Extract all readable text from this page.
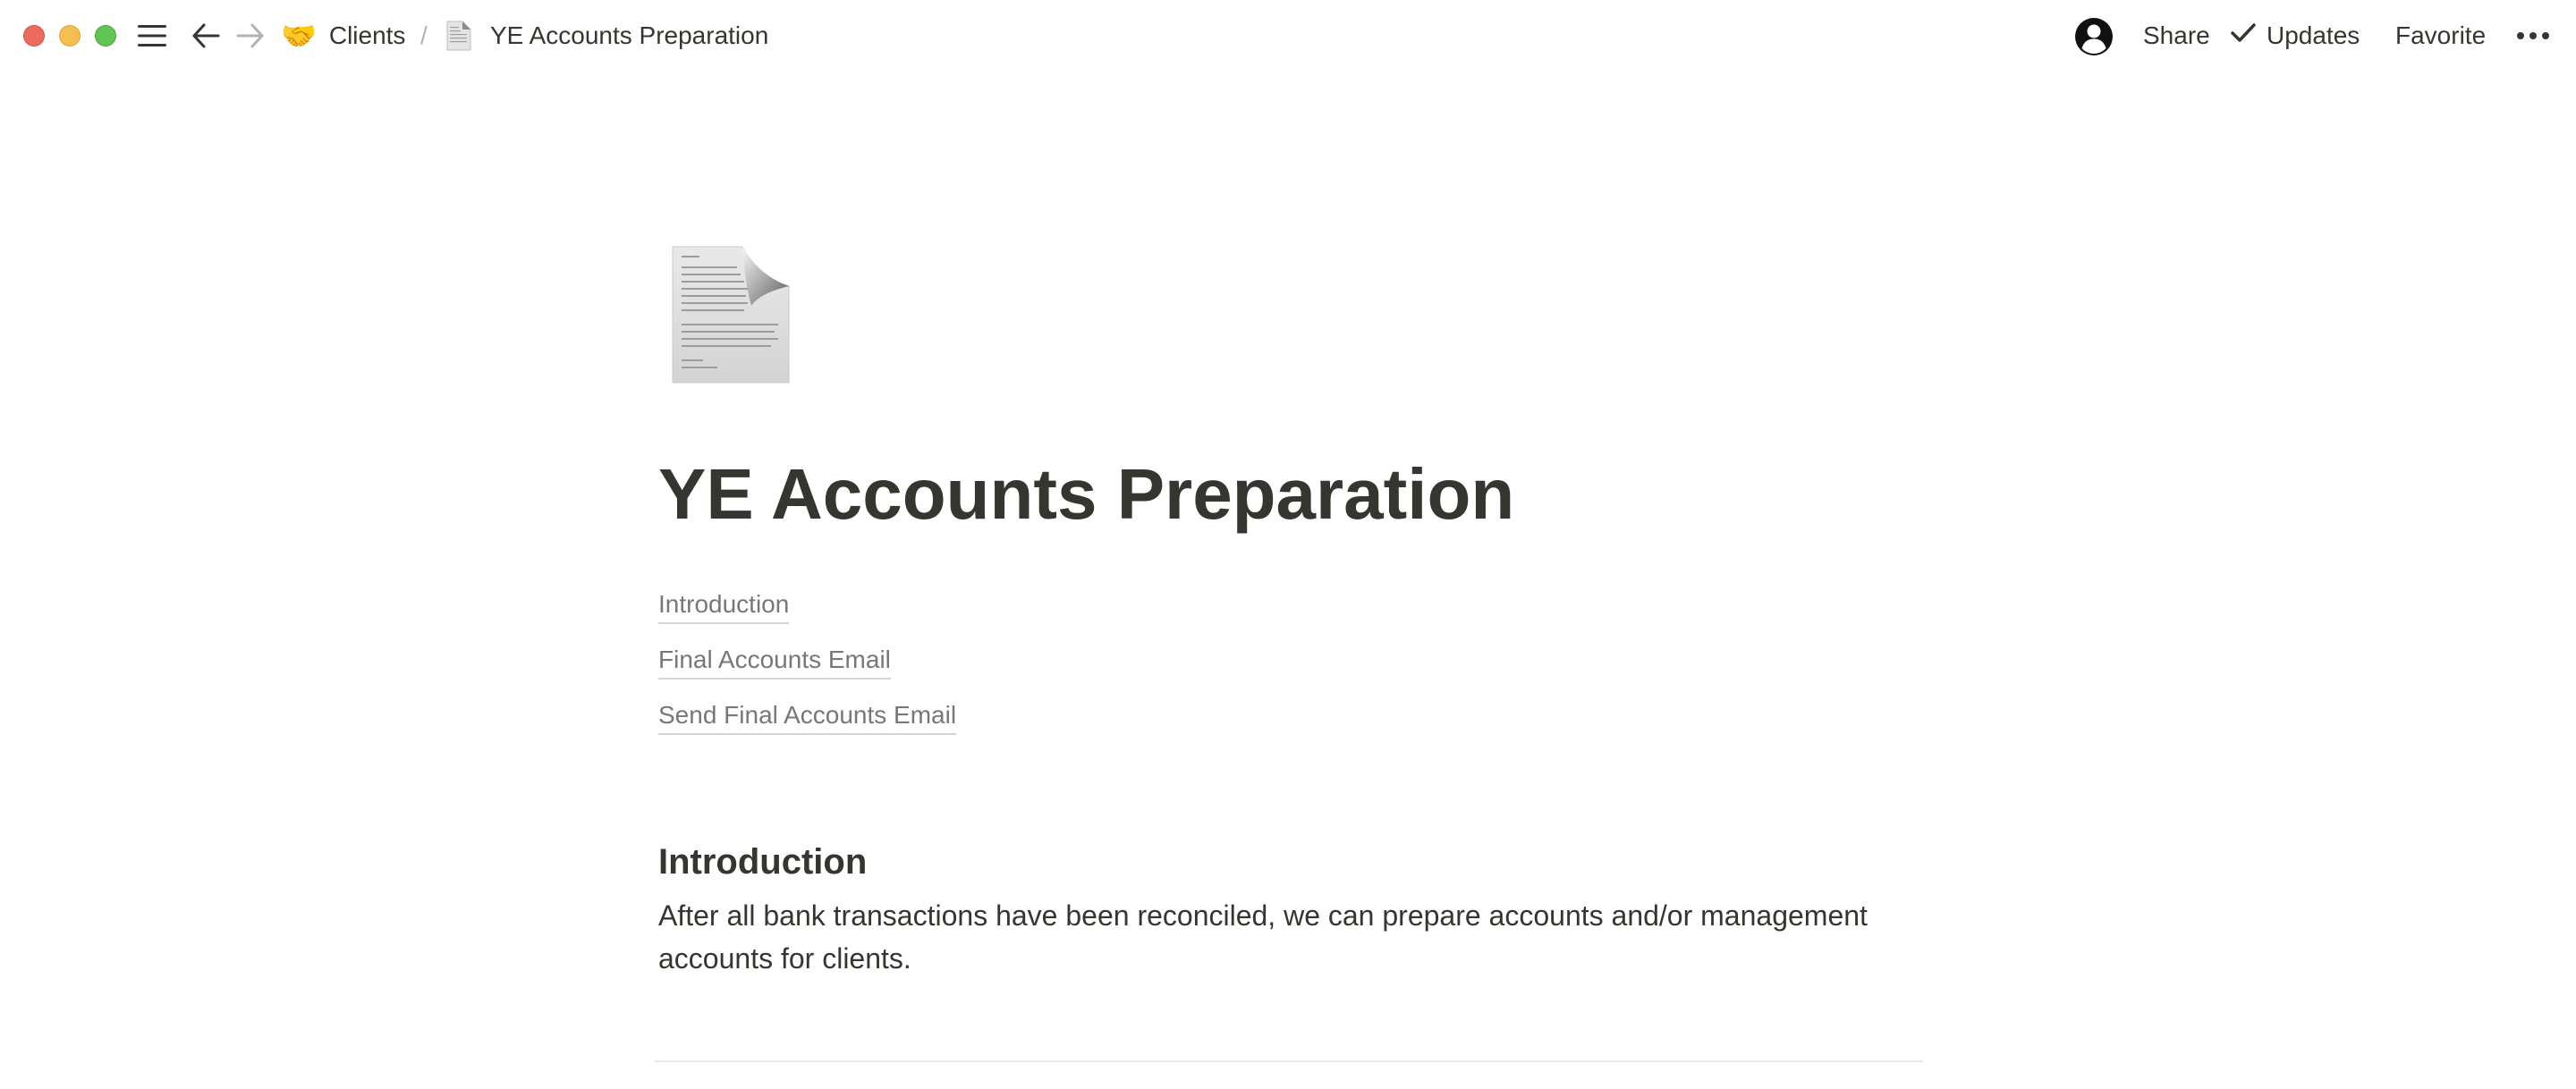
🤝 Clients /	YE Accounts Preparation	Share Updates Favorite
YE Accounts Preparation
Introduction
Final Accounts Email
Send Final Accounts Email
Introduction

After all bank transactions have been reconciled, we can prepare accounts and/or management accounts for clients.
